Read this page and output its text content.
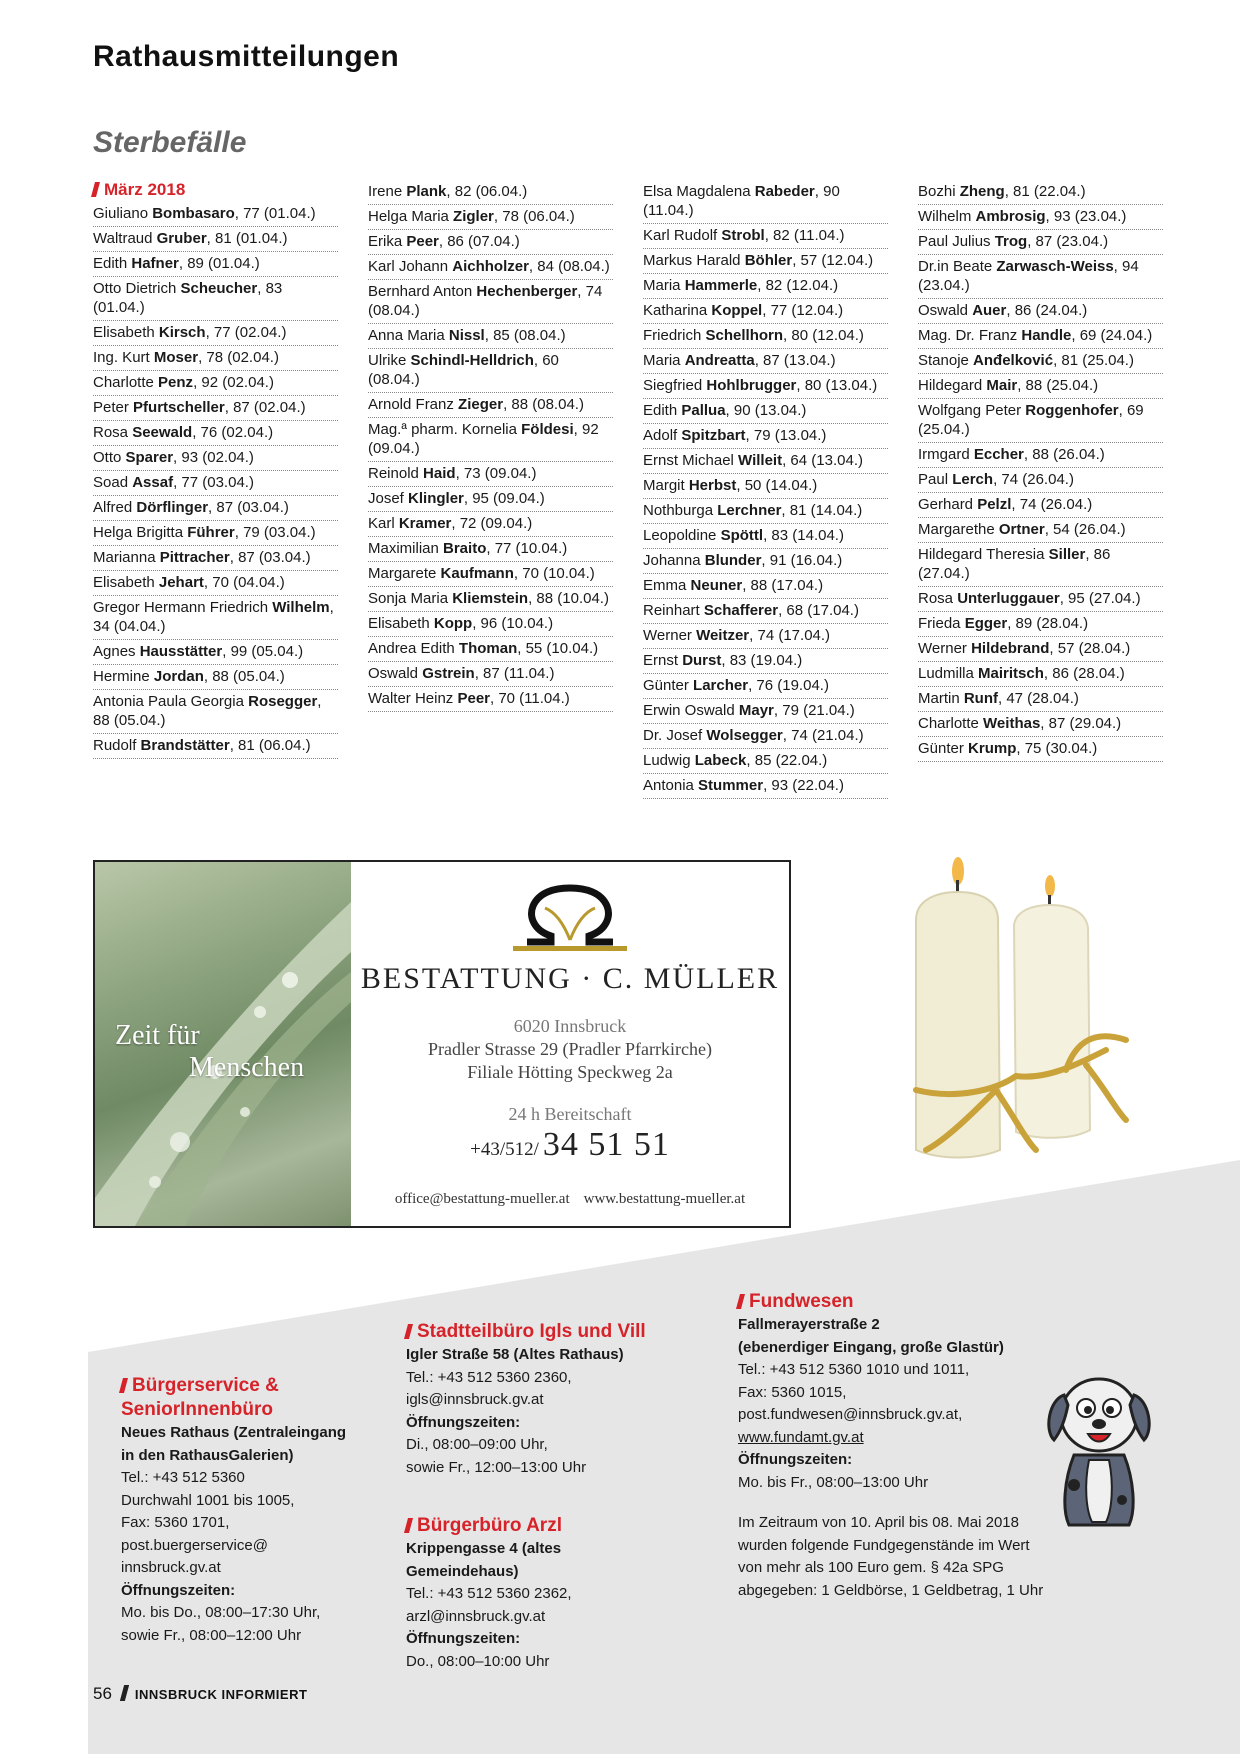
Rathausmitteilungen
Sterbefälle
März 2018
Giuliano Bombasaro, 77 (01.04.)
Waltraud Gruber, 81 (01.04.)
Edith Hafner, 89 (01.04.)
Otto Dietrich Scheucher, 83 (01.04.)
Elisabeth Kirsch, 77 (02.04.)
Ing. Kurt Moser, 78 (02.04.)
Charlotte Penz, 92 (02.04.)
Peter Pfurtscheller, 87 (02.04.)
Rosa Seewald, 76 (02.04.)
Otto Sparer, 93 (02.04.)
Soad Assaf, 77 (03.04.)
Alfred Dörflinger, 87 (03.04.)
Helga Brigitta Führer, 79 (03.04.)
Marianna Pittracher, 87 (03.04.)
Elisabeth Jehart, 70 (04.04.)
Gregor Hermann Friedrich Wilhelm, 34 (04.04.)
Agnes Hausstätter, 99 (05.04.)
Hermine Jordan, 88 (05.04.)
Antonia Paula Georgia Rosegger, 88 (05.04.)
Rudolf Brandstätter, 81 (06.04.)
Irene Plank, 82 (06.04.)
Helga Maria Zigler, 78 (06.04.)
Erika Peer, 86 (07.04.)
Karl Johann Aichholzer, 84 (08.04.)
Bernhard Anton Hechenberger, 74 (08.04.)
Anna Maria Nissl, 85 (08.04.)
Ulrike Schindl-Helldrich, 60 (08.04.)
Arnold Franz Zieger, 88 (08.04.)
Mag.ª pharm. Kornelia Földesi, 92 (09.04.)
Reinold Haid, 73 (09.04.)
Josef Klingler, 95 (09.04.)
Karl Kramer, 72 (09.04.)
Maximilian Braito, 77 (10.04.)
Margarete Kaufmann, 70 (10.04.)
Sonja Maria Kliemstein, 88 (10.04.)
Elisabeth Kopp, 96 (10.04.)
Andrea Edith Thoman, 55 (10.04.)
Oswald Gstrein, 87 (11.04.)
Walter Heinz Peer, 70 (11.04.)
Elsa Magdalena Rabeder, 90 (11.04.)
Karl Rudolf Strobl, 82 (11.04.)
Markus Harald Böhler, 57 (12.04.)
Maria Hammerle, 82 (12.04.)
Katharina Koppel, 77 (12.04.)
Friedrich Schellhorn, 80 (12.04.)
Maria Andreatta, 87 (13.04.)
Siegfried Hohlbrugger, 80 (13.04.)
Edith Pallua, 90 (13.04.)
Adolf Spitzbart, 79 (13.04.)
Ernst Michael Willeit, 64 (13.04.)
Margit Herbst, 50 (14.04.)
Nothburga Lerchner, 81 (14.04.)
Leopoldine Spöttl, 83 (14.04.)
Johanna Blunder, 91 (16.04.)
Emma Neuner, 88 (17.04.)
Reinhart Schafferer, 68 (17.04.)
Werner Weitzer, 74 (17.04.)
Ernst Durst, 83 (19.04.)
Günter Larcher, 76 (19.04.)
Erwin Oswald Mayr, 79 (21.04.)
Dr. Josef Wolsegger, 74 (21.04.)
Ludwig Labeck, 85 (22.04.)
Antonia Stummer, 93 (22.04.)
Bozhi Zheng, 81 (22.04.)
Wilhelm Ambrosig, 93 (23.04.)
Paul Julius Trog, 87 (23.04.)
Dr.in Beate Zarwasch-Weiss, 94 (23.04.)
Oswald Auer, 86 (24.04.)
Mag. Dr. Franz Handle, 69 (24.04.)
Stanoje Anđelković, 81 (25.04.)
Hildegard Mair, 88 (25.04.)
Wolfgang Peter Roggenhofer, 69 (25.04.)
Irmgard Eccher, 88 (26.04.)
Paul Lerch, 74 (26.04.)
Gerhard Pelzl, 74 (26.04.)
Margarethe Ortner, 54 (26.04.)
Hildegard Theresia Siller, 86 (27.04.)
Rosa Unterluggauer, 95 (27.04.)
Frieda Egger, 89 (28.04.)
Werner Hildebrand, 57 (28.04.)
Ludmilla Mairitsch, 86 (28.04.)
Martin Runf, 47 (28.04.)
Charlotte Weithas, 87 (29.04.)
Günter Krump, 75 (30.04.)
Zeit für
Menschen
BESTATTUNG · C. MÜLLER
6020 Innsbruck
Pradler Strasse 29 (Pradler Pfarrkirche)
Filiale Hötting Speckweg 2a
24 h Bereitschaft
+43/512/ 34 51 51
office@bestattung-mueller.at www.bestattung-mueller.at
Bürgerservice &
SeniorInnenbüro
Neues Rathaus (Zentraleingang
in den RathausGalerien)
Tel.: +43 512 5360
Durchwahl 1001 bis 1005,
Fax: 5360 1701,
post.buergerservice@
innsbruck.gv.at
Öffnungszeiten:
Mo. bis Do., 08:00–17:30 Uhr,
sowie Fr., 08:00–12:00 Uhr
Stadtteilbüro Igls und Vill
Igler Straße 58 (Altes Rathaus)
Tel.: +43 512 5360 2360,
igls@innsbruck.gv.at
Öffnungszeiten:
Di., 08:00–09:00 Uhr,
sowie Fr., 12:00–13:00 Uhr
Bürgerbüro Arzl
Krippengasse 4 (altes Gemeindehaus)
Tel.: +43 512 5360 2362,
arzl@innsbruck.gv.at
Öffnungszeiten:
Do., 08:00–10:00 Uhr
Fundwesen
Fallmerayerstraße 2
(ebenerdiger Eingang, große Glastür)
Tel.: +43 512 5360 1010 und 1011,
Fax: 5360 1015,
post.fundwesen@innsbruck.gv.at,
www.fundamt.gv.at
Öffnungszeiten:
Mo. bis Fr., 08:00–13:00 Uhr
Im Zeitraum von 10. April bis 08. Mai 2018
wurden folgende Fundgegenstände im Wert
von mehr als 100 Euro gem. § 42a SPG
abgegeben: 1 Geldbörse, 1 Geldbetrag, 1 Uhr
56 INNSBRUCK INFORMIERT
